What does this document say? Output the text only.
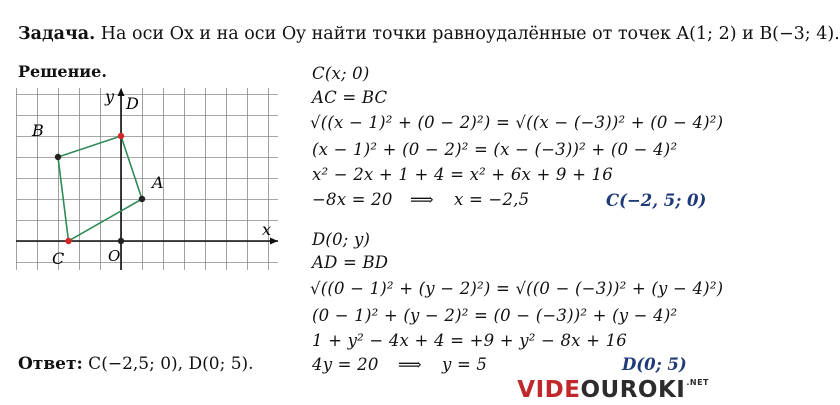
Задача. На оси Ox и на оси Oy найти точки равноудалённые от точек A(1; 2) и B(−3; 4).
Решение.
x
y
O
A
B
C
D
C(x; 0)
AC = BC
√((x − 1)² + (0 − 2)²) = √((x − (−3))² + (0 − 4)²)
(x − 1)² + (0 − 2)² = (x − (−3))² + (0 − 4)²
x² − 2x + 1 + 4 = x² + 6x + 9 + 16
−8x = 20 ⟹ x = −2,5	C(−2, 5; 0)
D(0; y)
AD = BD
√((0 − 1)² + (y − 2)²) = √((0 − (−3))² + (y − 4)²)
(0 − 1)² + (y − 2)² = (0 − (−3))² + (y − 4)²
1 + y² − 4x + 4 = +9 + y² − 8x + 16
4y = 20 ⟹ y = 5	D(0; 5)
Ответ: C(−2,5; 0), D(0; 5).
$VIDEOUROKI^{.NET}$
